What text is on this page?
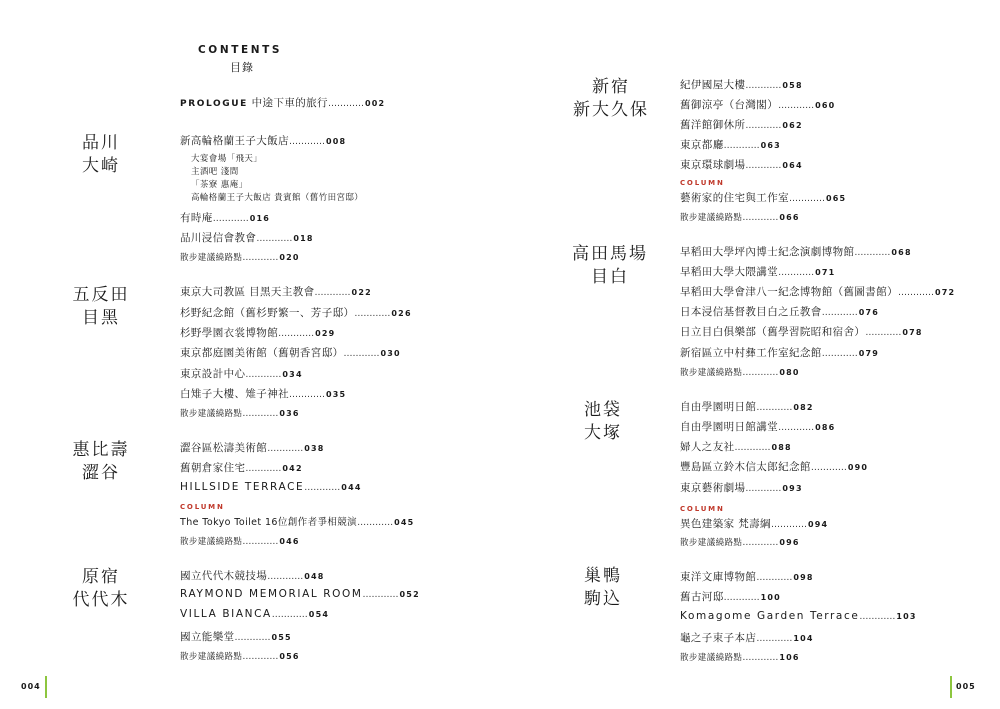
CONTENTS
目錄
PROLOGUE 中途下車的旅行…………002
品川
大崎
五反田
目黑
惠比壽
澀谷
原宿
代代木
新宿
新大久保
高田馬場
目白
池袋
大塚
巢鴨
駒込
新高輪格蘭王子大飯店…………008
大宴會場「飛天」
主酒吧 淺間
「茶寮 惠庵」
高輪格蘭王子大飯店 貴賓館（舊竹田宮邸）
有時庵…………016
品川浸信會教會…………018
散步建議繞路點…………020
東京大司教區 目黑天主教會…………022
杉野紀念館（舊杉野繁一、芳子邸）…………026
杉野學園衣裳博物館…………029
東京都庭園美術館（舊朝香宮邸）…………030
東京設計中心…………034
白雉子大樓、雉子神社…………035
散步建議繞路點…………036
澀谷區松濤美術館…………038
舊朝倉家住宅…………042
HILLSIDE TERRACE…………044
COLUMN
The Tokyo Toilet 16位創作者爭相競演…………045
散步建議繞路點…………046
國立代代木競技場…………048
RAYMOND MEMORIAL ROOM…………052
VILLA BIANCA…………054
國立能樂堂…………055
散步建議繞路點…………056
紀伊國屋大樓…………058
舊御涼亭（台灣閣）…………060
舊洋館御休所…………062
東京都廳…………063
東京環球劇場…………064
COLUMN
藝術家的住宅與工作室…………065
散步建議繞路點…………066
早稻田大學坪內博士紀念演劇博物館…………068
早稻田大學大隈講堂…………071
早稻田大學會津八一紀念博物館（舊圖書館）…………072
日本浸信基督教目白之丘教會…………076
日立目白俱樂部（舊學習院昭和宿舍）…………078
新宿區立中村彝工作室紀念館…………079
散步建議繞路點…………080
自由學園明日館…………082
自由學園明日館講堂…………086
婦人之友社…………088
豐島區立鈴木信太郎紀念館…………090
東京藝術劇場…………093
COLUMN
異色建築家 梵壽綱…………094
散步建議繞路點…………096
東洋文庫博物館…………098
舊古河邸…………100
Komagome Garden Terrace…………103
龜之子束子本店…………104
散步建議繞路點…………106
004	005
